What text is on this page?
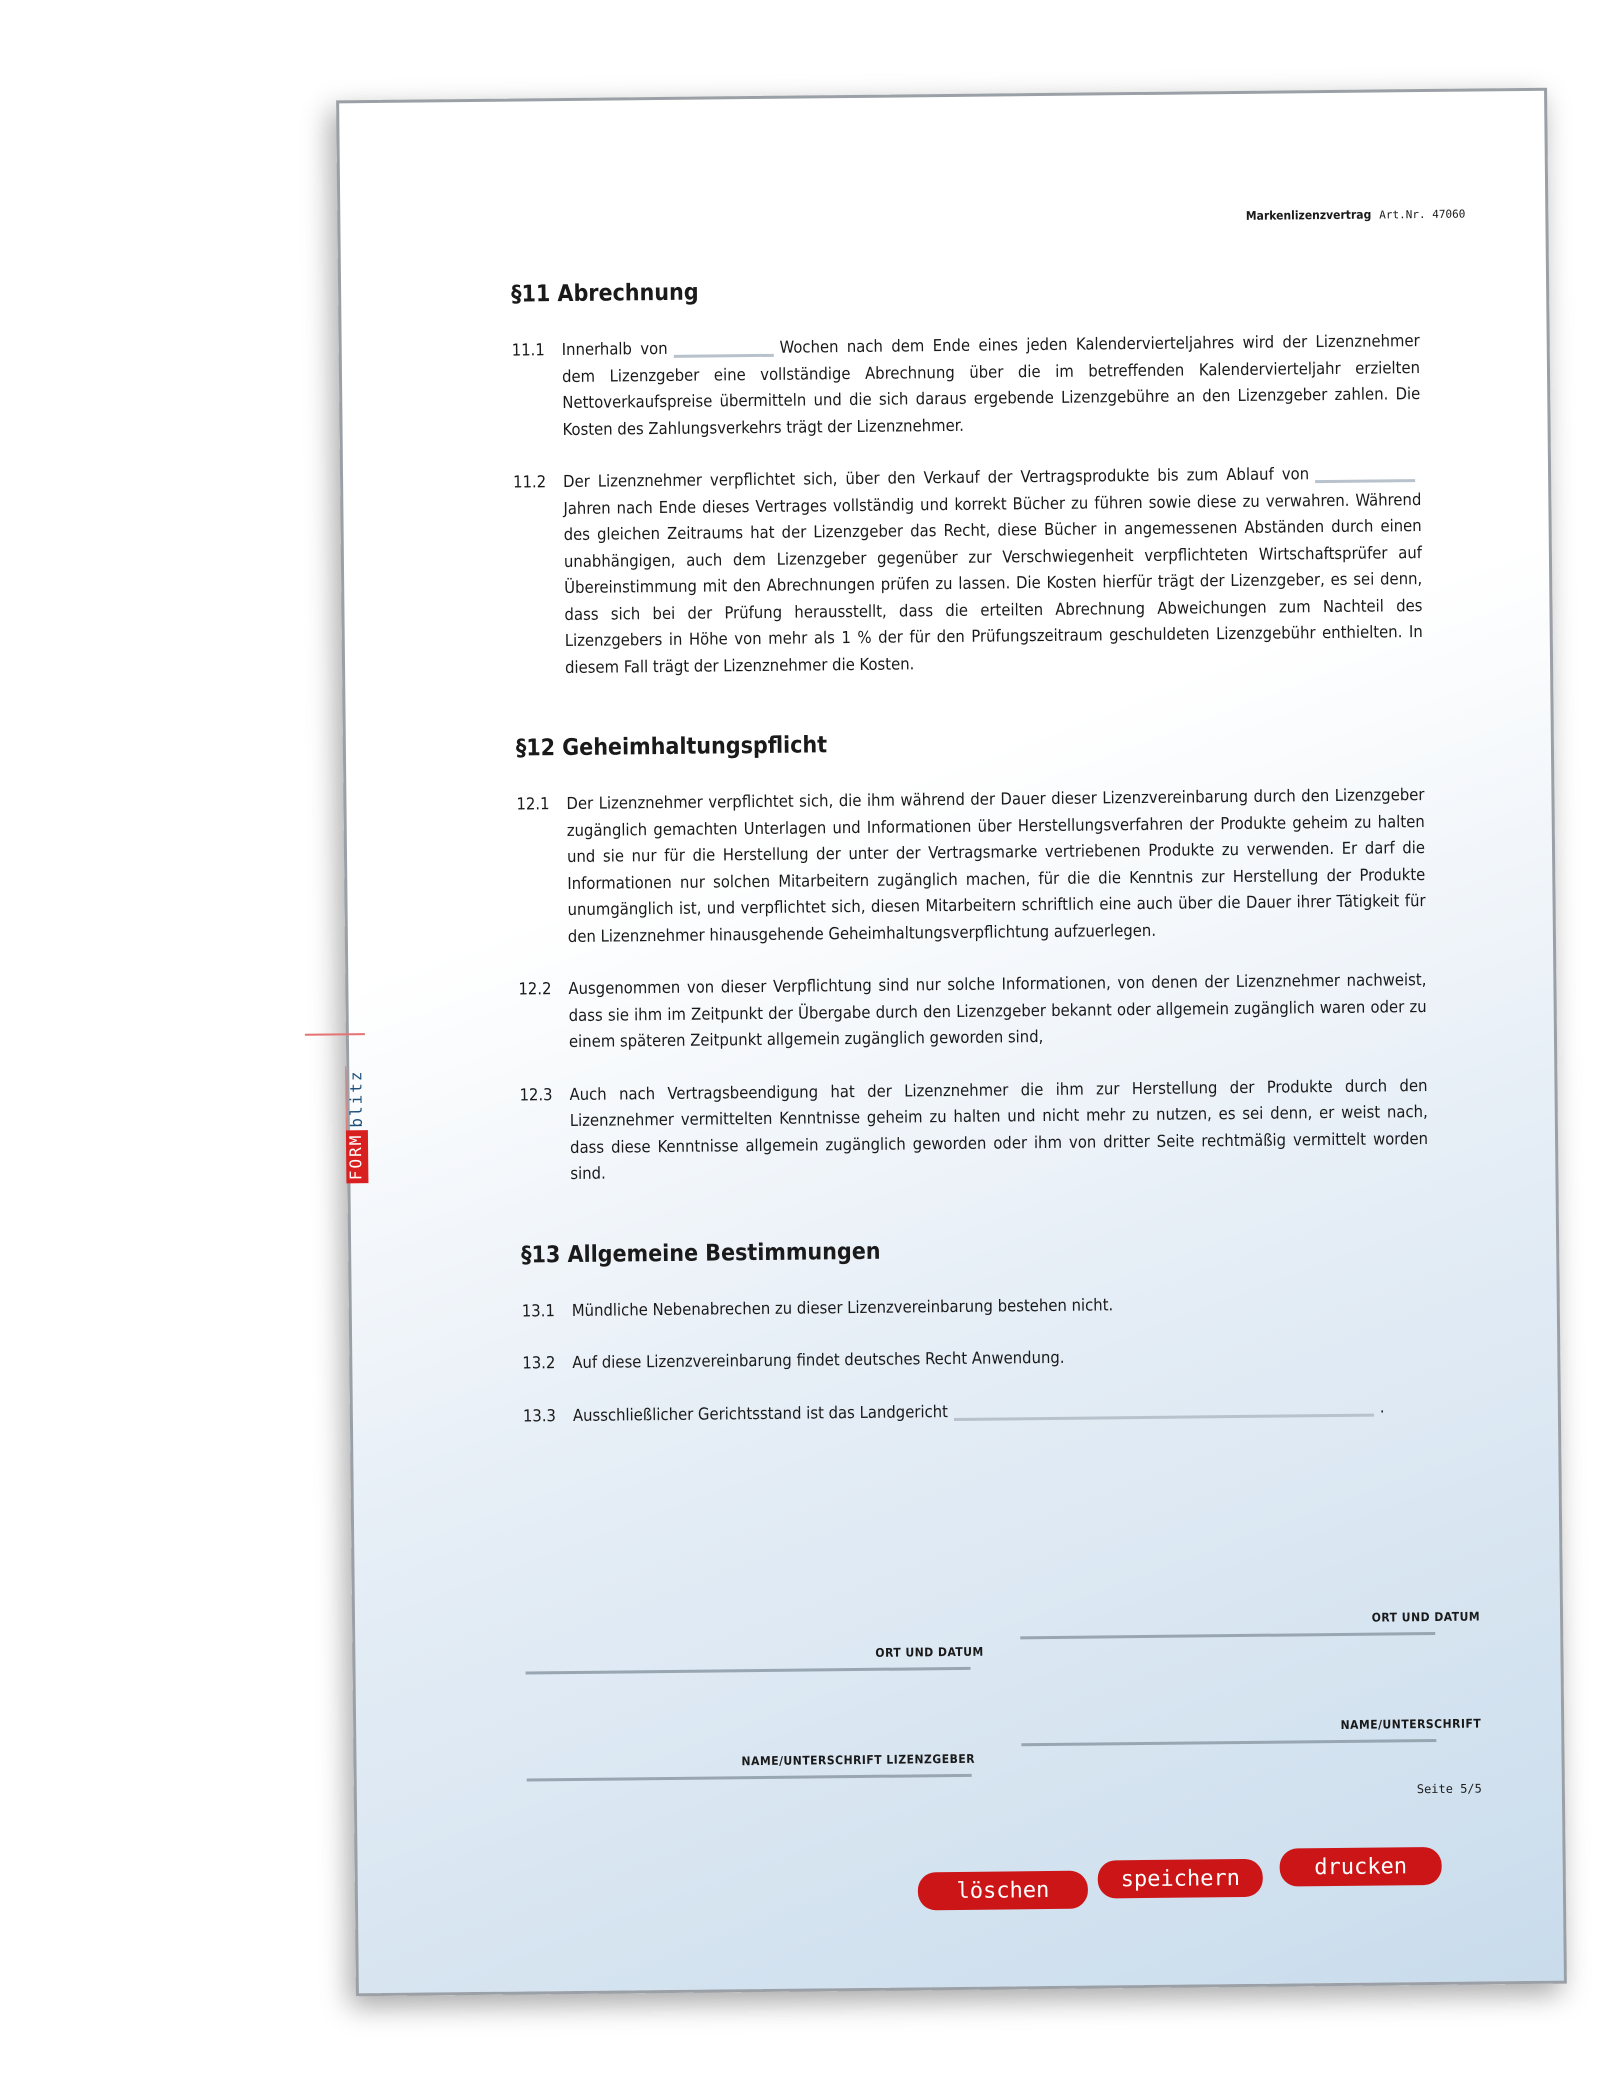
Markenlizenzvertrag Art.Nr. 47060
FORM
blitz
§11 Abrechnung
11.1	Innerhalb von	Wochen nach dem Ende eines jeden Kalendervierteljahres wird der Lizenznehmer dem Lizenzgeber eine vollständige Abrechnung über die im betreffenden Kalendervierteljahr erzielten Nettoverkaufspreise übermitteln und die sich daraus ergebende Lizenzgebühre an den Lizenzgeber zahlen. Die Kosten des Zahlungsverkehrs trägt der Lizenznehmer.
11.2	Der Lizenznehmer verpflichtet sich, über den Verkauf der Vertragsprodukte bis zum Ablauf vonJahren nach Ende dieses Vertrages vollständig und korrekt Bücher zu führen sowie diese zu verwahren. Während des gleichen Zeitraums hat der Lizenzgeber das Recht, diese Bücher in angemessenen Abständen durch einen unabhängigen, auch dem Lizenzgeber gegenüber zur Verschwiegenheit verpflichteten Wirtschaftsprüfer auf Übereinstimmung mit den Abrechnungen prüfen zu lassen. Die Kosten hierfür trägt der Lizenzgeber, es sei denn, dass sich bei der Prüfung herausstellt, dass die erteilten Abrechnung Abweichungen zum Nachteil des Lizenzgebers in Höhe von mehr als 1 % der für den Prüfungszeitraum geschuldeten Lizenzgebühr enthielten. In diesem Fall trägt der Lizenznehmer die Kosten.
§12 Geheimhaltungspflicht
12.1	Der Lizenznehmer verpflichtet sich, die ihm während der Dauer dieser Lizenzvereinbarung durch den Lizenzgeber zugänglich gemachten Unterlagen und Informationen über Herstellungsverfahren der Produkte geheim zu halten und sie nur für die Herstellung der unter der Vertragsmarke vertriebenen Produkte zu verwenden. Er darf die Informationen nur solchen Mitarbeitern zugänglich machen, für die die Kenntnis zur Herstellung der Produkte unumgänglich ist, und verpflichtet sich, diesen Mitarbeitern schriftlich eine auch über die Dauer ihrer Tätigkeit für den Lizenznehmer hinausgehende Geheimhaltungsverpflichtung aufzuerlegen.
12.2	Ausgenommen von dieser Verpflichtung sind nur solche Informationen, von denen der Lizenznehmer nachweist, dass sie ihm im Zeitpunkt der Übergabe durch den Lizenzgeber bekannt oder allgemein zugänglich waren oder zu einem späteren Zeitpunkt allgemein zugänglich geworden sind,
12.3	Auch nach Vertragsbeendigung hat der Lizenznehmer die ihm zur Herstellung der Produkte durch den Lizenznehmer vermittelten Kenntnisse geheim zu halten und nicht mehr zu nutzen, es sei denn, er weist nach, dass diese Kenntnisse allgemein zugänglich geworden oder ihm von dritter Seite rechtmäßig vermittelt worden sind.
§13 Allgemeine Bestimmungen
13.1	Mündliche Nebenabrechen zu dieser Lizenzvereinbarung bestehen nicht.
13.2	Auf diese Lizenzvereinbarung findet deutsches Recht Anwendung.
13.3	Ausschließlicher Gerichtsstand ist das Landgericht	.
ORT UND DATUM
ORT UND DATUM
NAME/UNTERSCHRIFT LIZENZGEBER
NAME/UNTERSCHRIFT
Seite 5/5
löschen	speichern	drucken
